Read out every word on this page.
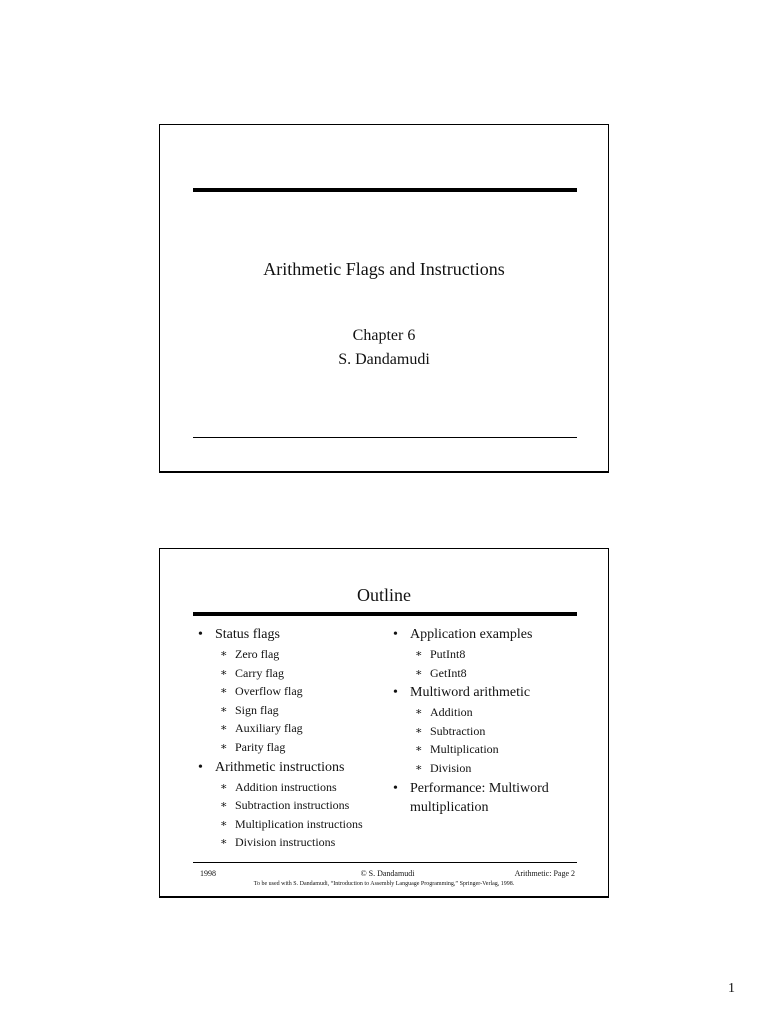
Arithmetic Flags and Instructions
Chapter 6
S. Dandamudi
Outline
• Status flags
∗ Zero flag
∗ Carry flag
∗ Overflow flag
∗ Sign flag
∗ Auxiliary flag
∗ Parity flag
• Arithmetic instructions
∗ Addition instructions
∗ Subtraction instructions
∗ Multiplication instructions
∗ Division instructions
• Application examples
∗ PutInt8
∗ GetInt8
• Multiword arithmetic
∗ Addition
∗ Subtraction
∗ Multiplication
∗ Division
• Performance: Multiword multiplication
1998	© S. Dandamudi	Arithmetic: Page 2
To be used with S. Dandamudi, “Introduction to Assembly Language Programming,” Springer-Verlag, 1998.
1
